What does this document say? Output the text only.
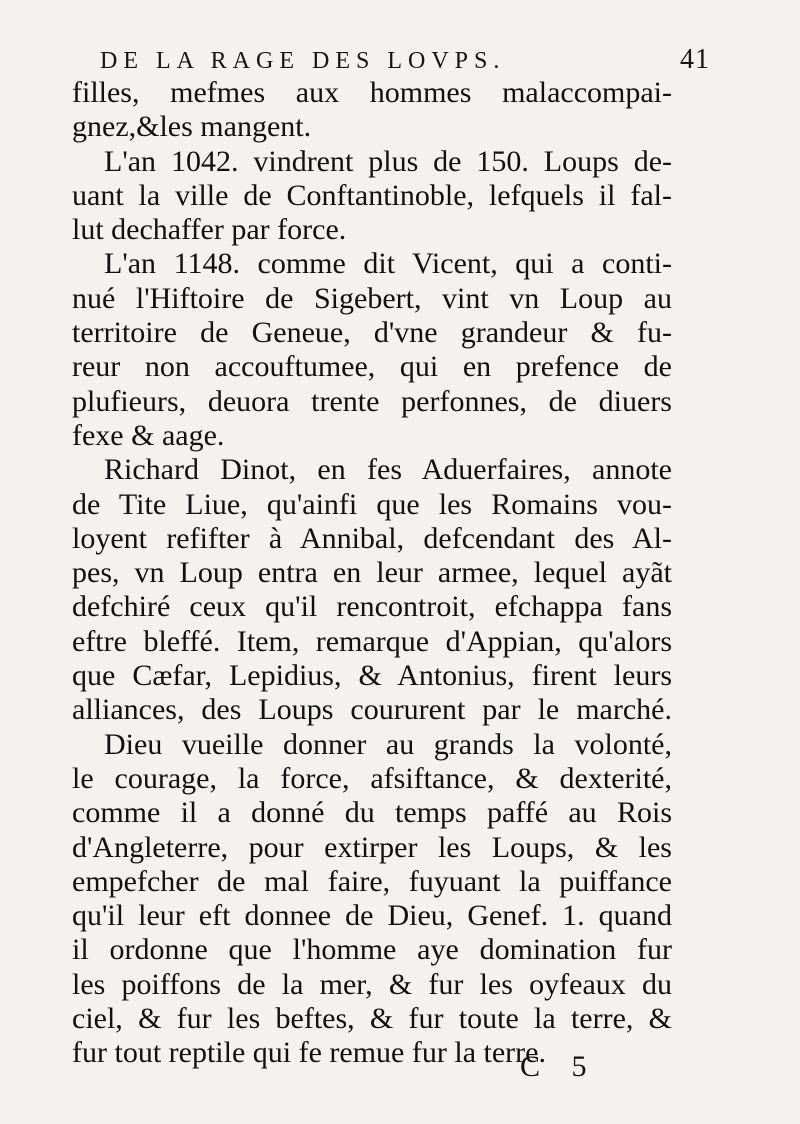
DE LA RAGE DES LOVPS.	41
filles, mefmes aux hommes malaccompai-
gnez,&les mangent.
L'an 1042. vindrent plus de 150. Loups de-
uant la ville de Conftantinoble, lefquels il fal-
lut dechaffer par force.
L'an 1148. comme dit Vicent, qui a conti-
nué l'Hiftoire de Sigebert, vint vn Loup au
territoire de Geneue, d'vne grandeur & fu-
reur non accouftumee, qui en prefence de
plufieurs, deuora trente perfonnes, de diuers
fexe & aage.
Richard Dinot, en fes Aduerfaires, annote
de Tite Liue, qu'ainfi que les Romains vou-
loyent refifter à Annibal, defcendant des Al-
pes, vn Loup entra en leur armee, lequel ayãt
defchiré ceux qu'il rencontroit, efchappa fans
eftre bleffé. Item, remarque d'Appian, qu'alors
que Cæfar, Lepidius, & Antonius, firent leurs
alliances, des Loups coururent par le marché.
Dieu vueille donner au grands la volonté,
le courage, la force, afsiftance, & dexterité,
comme il a donné du temps paffé au Rois
d'Angleterre, pour extirper les Loups, & les
empefcher de mal faire, fuyuant la puiffance
qu'il leur eft donnee de Dieu, Genef. 1. quand
il ordonne que l'homme aye domination fur
les poiffons de la mer, & fur les oyfeaux du
ciel, & fur les beftes, & fur toute la terre, &
fur tout reptile qui fe remue fur la terre.
C 5
